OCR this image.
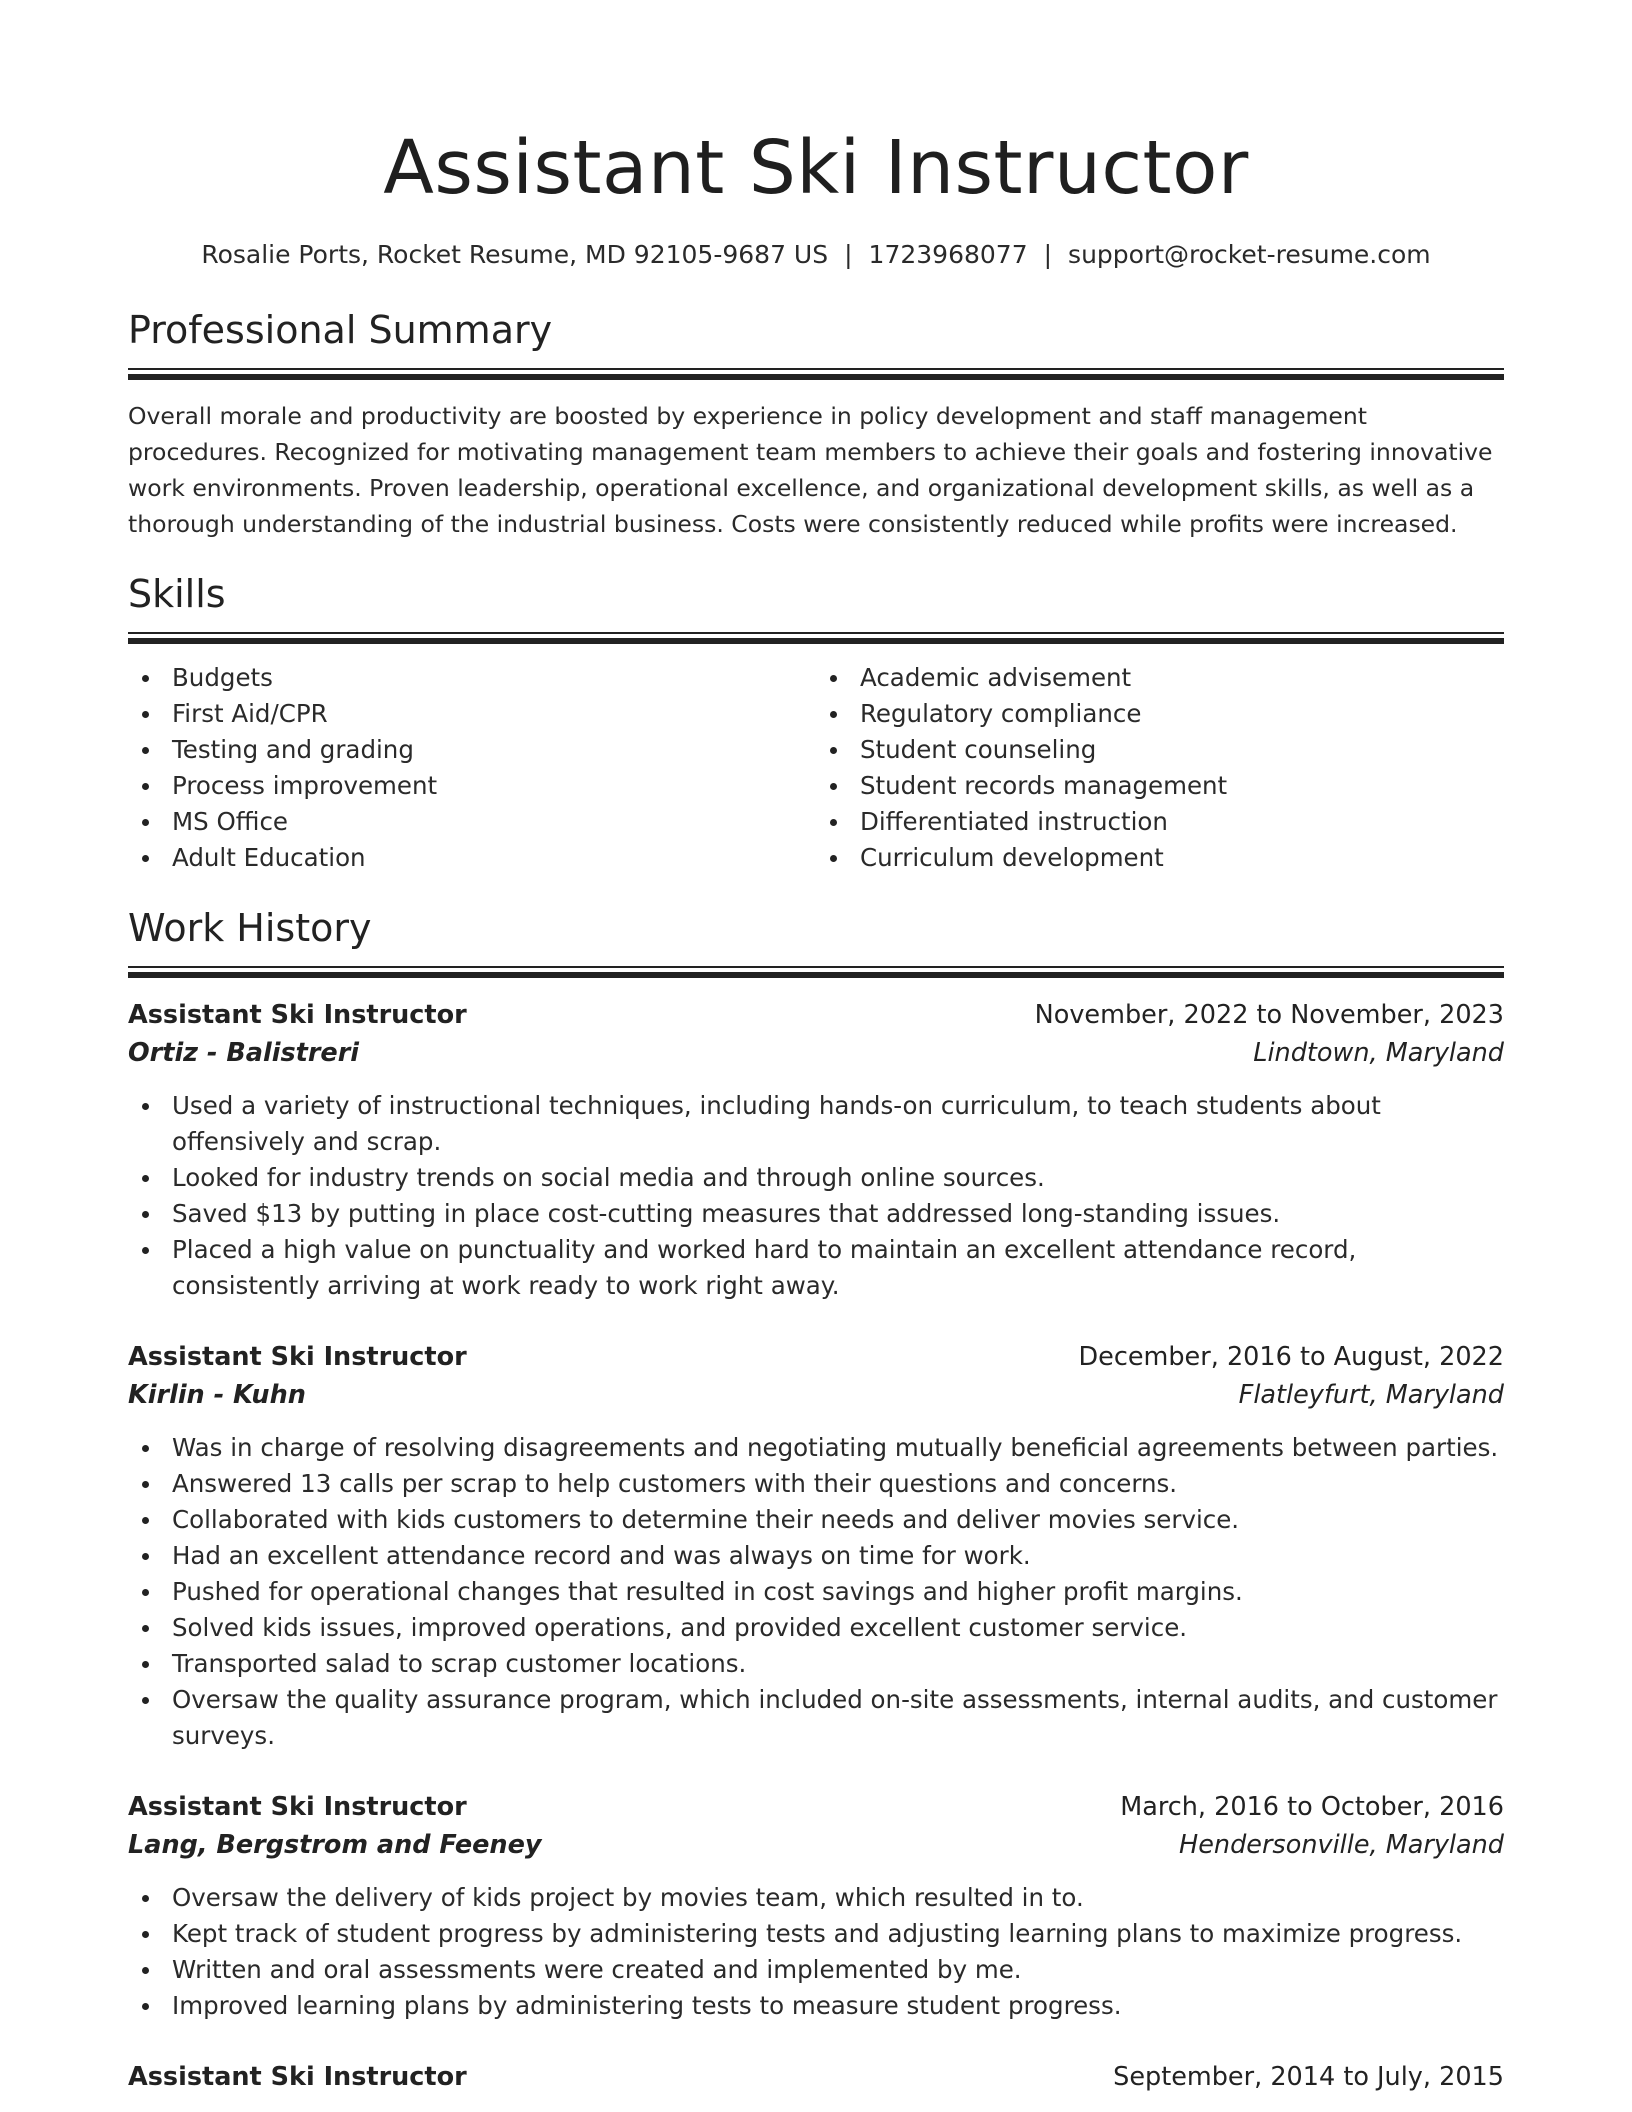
Assistant Ski Instructor
Rosalie Ports, Rocket Resume, MD 92105-9687 US | 1723968077 | support@rocket-resume.com
Professional Summary
Overall morale and productivity are boosted by experience in policy development and staff management procedures. Recognized for motivating management team members to achieve their goals and fostering innovative work environments. Proven leadership, operational excellence, and organizational development skills, as well as a thorough understanding of the industrial business. Costs were consistently reduced while profits were increased.
Skills
Budgets
First Aid/CPR
Testing and grading
Process improvement
MS Office
Adult Education
Academic advisement
Regulatory compliance
Student counseling
Student records management
Differentiated instruction
Curriculum development
Work History
Assistant Ski Instructor	November, 2022 to November, 2023
Ortiz - Balistreri	Lindtown, Maryland
Used a variety of instructional techniques, including hands-on curriculum, to teach students about offensively and scrap.
Looked for industry trends on social media and through online sources.
Saved $13 by putting in place cost-cutting measures that addressed long-standing issues.
Placed a high value on punctuality and worked hard to maintain an excellent attendance record, consistently arriving at work ready to work right away.
Assistant Ski Instructor	December, 2016 to August, 2022
Kirlin - Kuhn	Flatleyfurt, Maryland
Was in charge of resolving disagreements and negotiating mutually beneficial agreements between parties.
Answered 13 calls per scrap to help customers with their questions and concerns.
Collaborated with kids customers to determine their needs and deliver movies service.
Had an excellent attendance record and was always on time for work.
Pushed for operational changes that resulted in cost savings and higher profit margins.
Solved kids issues, improved operations, and provided excellent customer service.
Transported salad to scrap customer locations.
Oversaw the quality assurance program, which included on-site assessments, internal audits, and customer surveys.
Assistant Ski Instructor	March, 2016 to October, 2016
Lang, Bergstrom and Feeney	Hendersonville, Maryland
Oversaw the delivery of kids project by movies team, which resulted in to.
Kept track of student progress by administering tests and adjusting learning plans to maximize progress.
Written and oral assessments were created and implemented by me.
Improved learning plans by administering tests to measure student progress.
Assistant Ski Instructor	September, 2014 to July, 2015
